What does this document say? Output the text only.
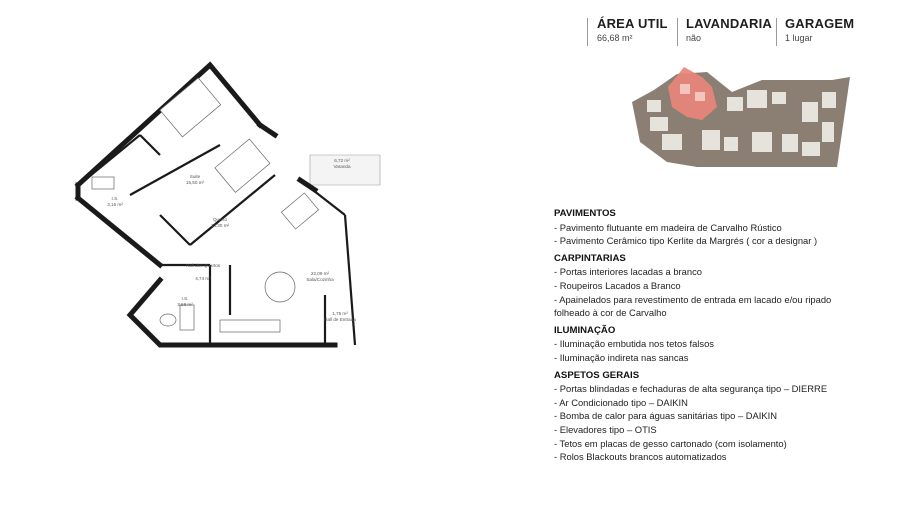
Suite
15,50 m²
I.S.
3,15 m²
Quarto
14,30 m²
6,72 m²
Varanda
Hall dos Quartos
4,74 m²
I.S.
3,58 m²
22,09 m²
Sala/Cozinha
1,75 m²
Hall de Entrada
ÁREA UTIL
66,68 m²
LAVANDARIA
não
GARAGEM
1 lugar
PAVIMENTOS
- Pavimento flutuante em madeira de Carvalho Rústico
- Pavimento Cerâmico tipo Kerlite da Margrés ( cor a designar )
CARPINTARIAS
- Portas interiores lacadas a branco
- Roupeiros Lacados a Branco
- Apainelados para revestimento de entrada em lacado e/ou ripado folheado à cor de Carvalho
ILUMINAÇÃO
- Iluminação embutida nos tetos falsos
- Iluminação indireta nas sancas
ASPETOS GERAIS
- Portas blindadas e fechaduras de alta segurança tipo – DIERRE
- Ar Condicionado tipo – DAIKIN
- Bomba de calor para águas sanitárias tipo – DAIKIN
- Elevadores tipo – OTIS
- Tetos em placas de gesso cartonado (com isolamento)
- Rolos Blackouts brancos automatizados
